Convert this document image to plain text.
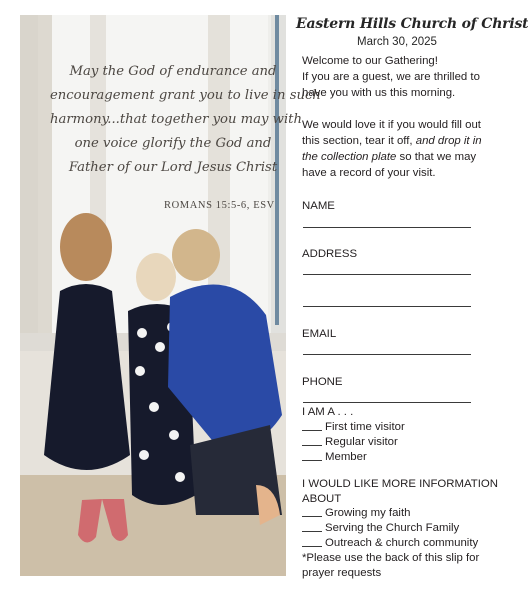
May the God of endurance and
encouragement grant you to live in such
harmony...that together you may with
one voice glorify the God and
Father of our Lord Jesus Christ
ROMANS 15:5-6, ESV
Eastern Hills Church of Christ
March 30, 2025
Welcome to our Gathering!
If you are a guest, we are thrilled to
have you with us this morning.
We would love it if you would fill out
this section, tear it off, and drop it in
the collection plate so that we may
have a record of your visit.
NAME
ADDRESS
EMAIL
PHONE
I AM A . . .
First time visitor
Regular visitor
Member
I WOULD LIKE MORE INFORMATION
ABOUT
Growing my faith
Serving the Church Family
Outreach & church community
*Please use the back of this slip for
prayer requests
